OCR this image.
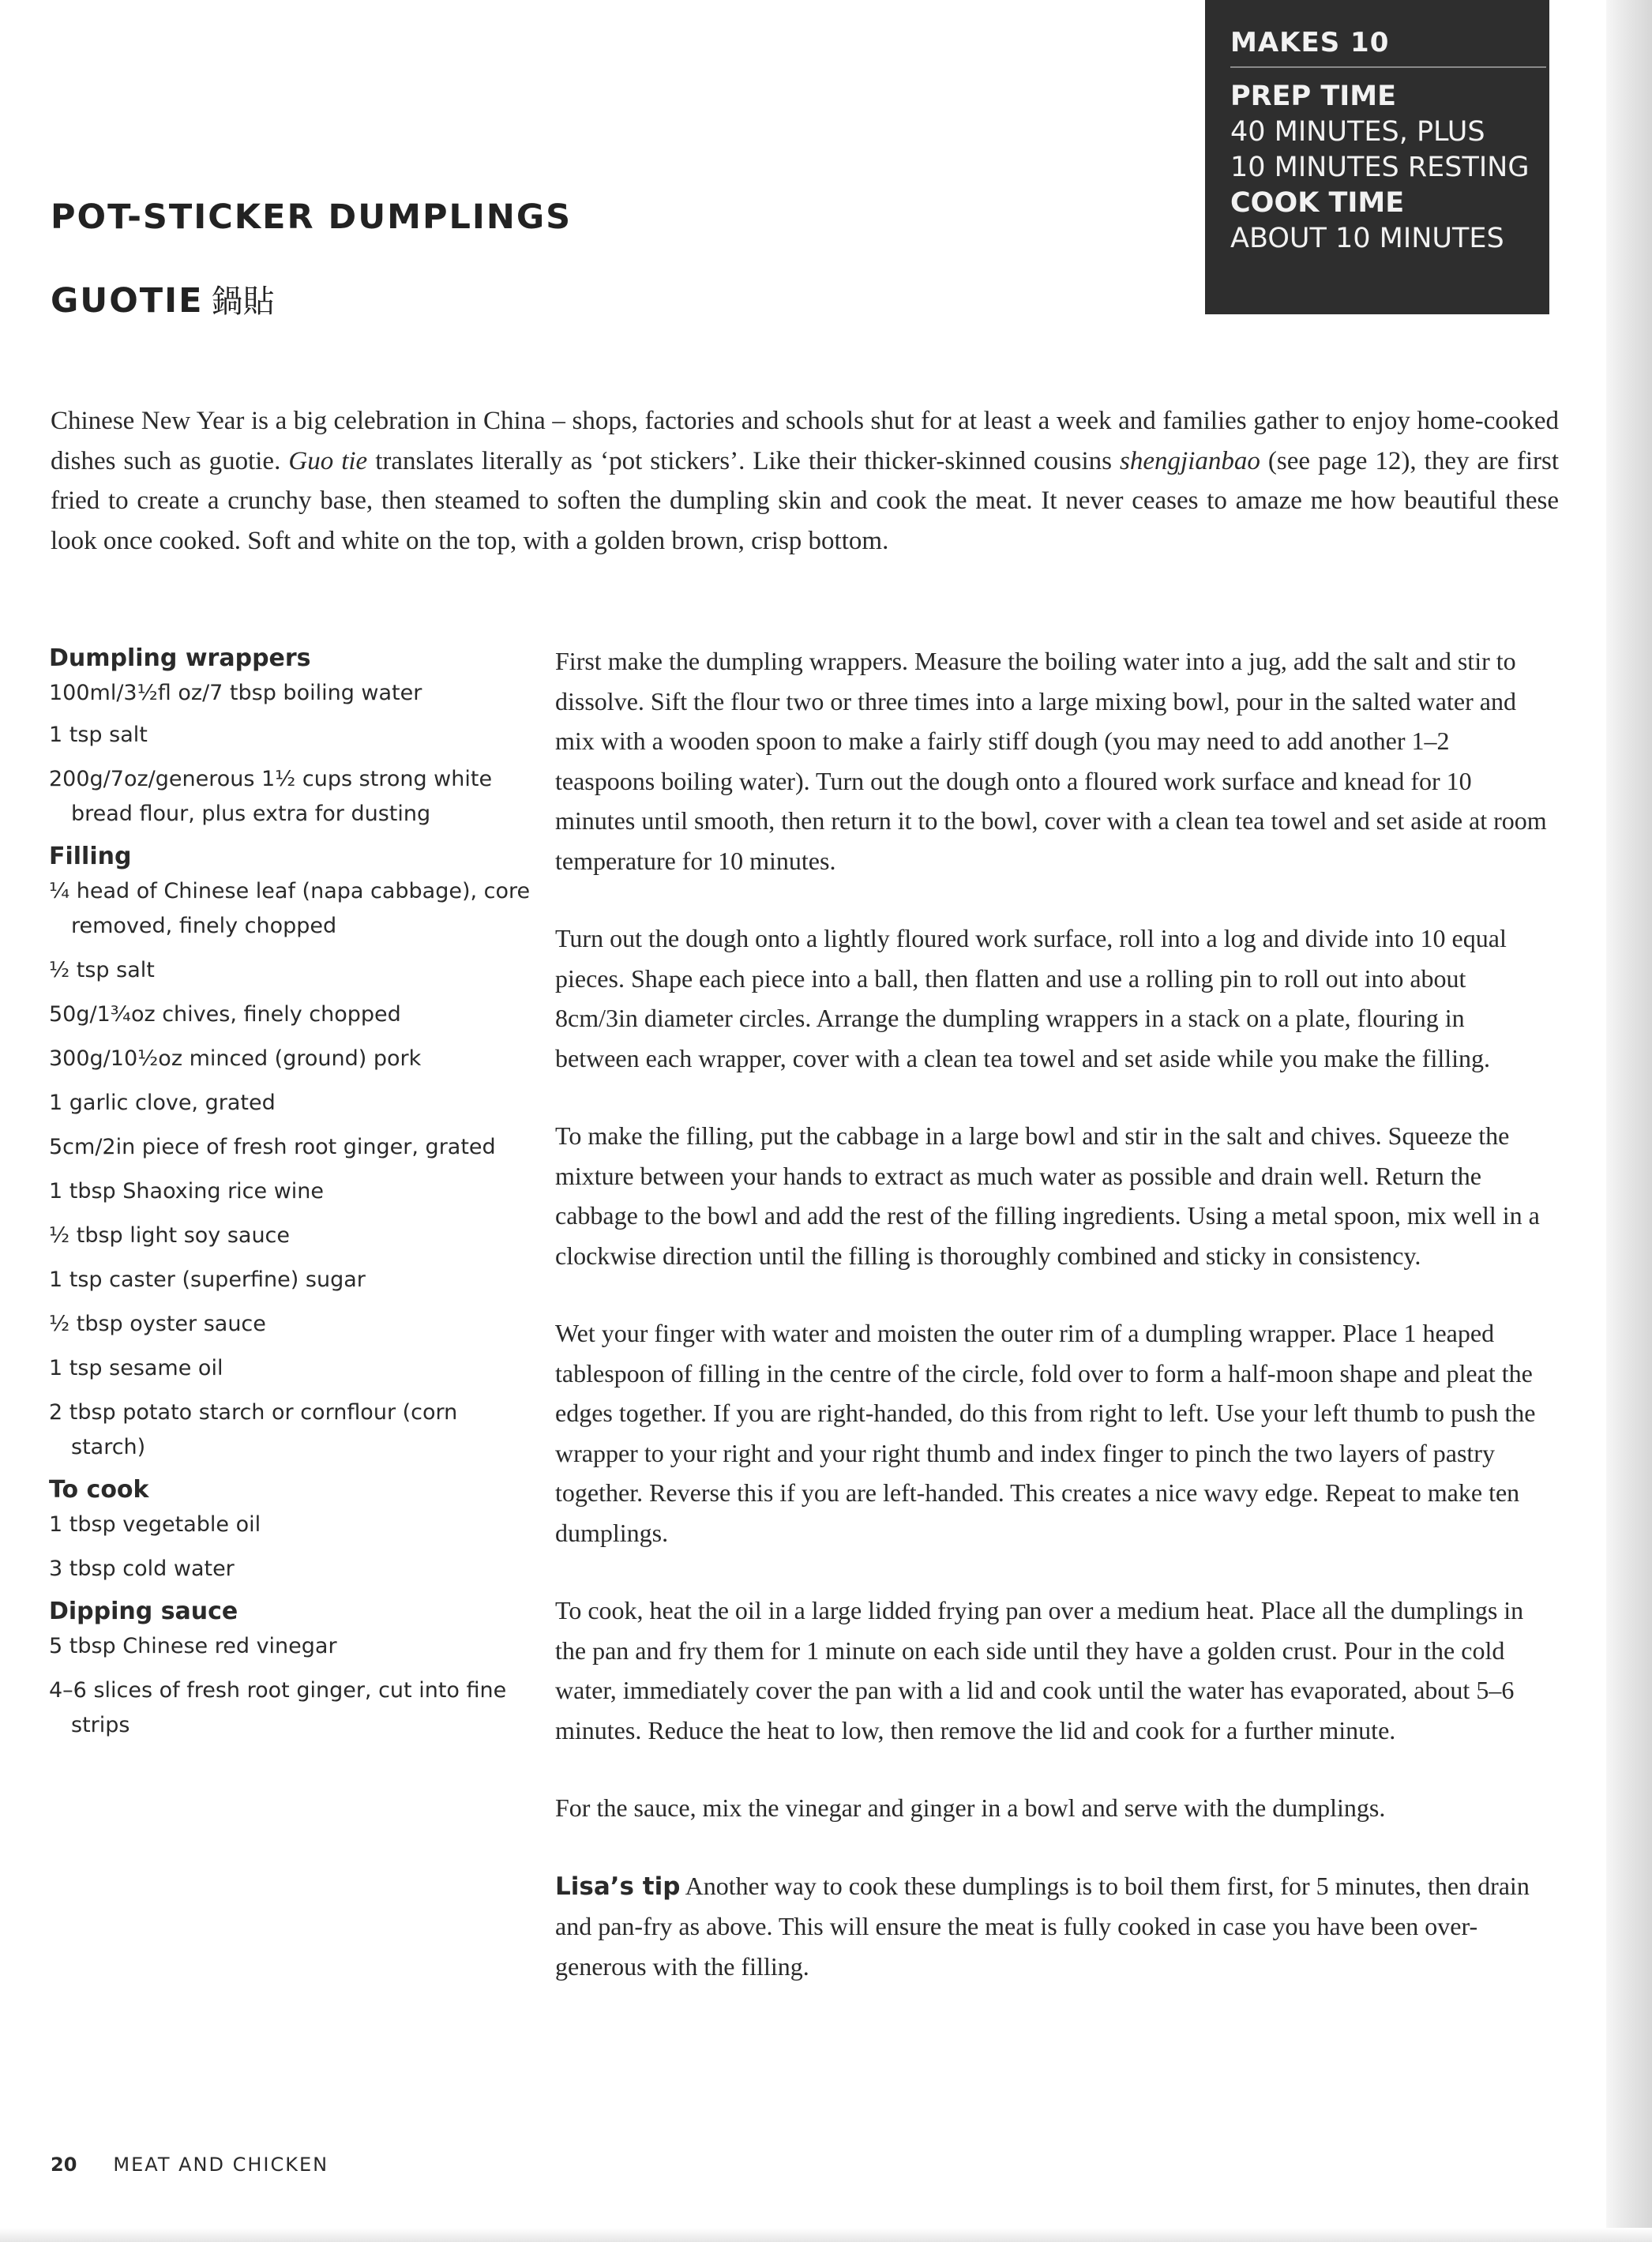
MAKES 10
PREP TIME
40 MINUTES, PLUS
10 MINUTES RESTING
COOK TIME
ABOUT 10 MINUTES
POT-STICKER DUMPLINGS
GUOTIE 鍋貼

Chinese New Year is a big celebration in China – shops, factories and schools shut for at least a week and families gather to enjoy home-cooked dishes such as guotie. Guo tie translates literally as ‘pot stickers’. Like their thicker-skinned cousins shengjianbao (see page 12), they are first fried to create a crunchy base, then steamed to soften the dumpling skin and cook the meat. It never ceases to amaze me how beautiful these look once cooked. Soft and white on the top, with a golden brown, crisp bottom.

Dumpling wrappers
100ml/3½fl oz/7 tbsp boiling water
1 tsp salt
200g/7oz/generous 1½ cups strong white bread flour, plus extra for dusting
Filling
¼ head of Chinese leaf (napa cabbage), core removed, finely chopped
½ tsp salt
50g/1¾oz chives, finely chopped
300g/10½oz minced (ground) pork
1 garlic clove, grated
5cm/2in piece of fresh root ginger, grated
1 tbsp Shaoxing rice wine
½ tbsp light soy sauce
1 tsp caster (superfine) sugar
½ tbsp oyster sauce
1 tsp sesame oil
2 tbsp potato starch or cornflour (corn starch)
To cook
1 tbsp vegetable oil
3 tbsp cold water
Dipping sauce
5 tbsp Chinese red vinegar
4–6 slices of fresh root ginger, cut into fine strips

First make the dumpling wrappers. Measure the boiling water into a jug, add the salt and stir to dissolve. Sift the flour two or three times into a large mixing bowl, pour in the salted water and mix with a wooden spoon to make a fairly stiff dough (you may need to add another 1–2 teaspoons boiling water). Turn out the dough onto a floured work surface and knead for 10 minutes until smooth, then return it to the bowl, cover with a clean tea towel and set aside at room temperature for 10 minutes.

Turn out the dough onto a lightly floured work surface, roll into a log and divide into 10 equal pieces. Shape each piece into a ball, then flatten and use a rolling pin to roll out into about 8cm/3in diameter circles. Arrange the dumpling wrappers in a stack on a plate, flouring in between each wrapper, cover with a clean tea towel and set aside while you make the filling.

To make the filling, put the cabbage in a large bowl and stir in the salt and chives. Squeeze the mixture between your hands to extract as much water as possible and drain well. Return the cabbage to the bowl and add the rest of the filling ingredients. Using a metal spoon, mix well in a clockwise direction until the filling is thoroughly combined and sticky in consistency.

Wet your finger with water and moisten the outer rim of a dumpling wrapper. Place 1 heaped tablespoon of filling in the centre of the circle, fold over to form a half-moon shape and pleat the edges together. If you are right-handed, do this from right to left. Use your left thumb to push the wrapper to your right and your right thumb and index finger to pinch the two layers of pastry together. Reverse this if you are left-handed. This creates a nice wavy edge. Repeat to make ten dumplings.

To cook, heat the oil in a large lidded frying pan over a medium heat. Place all the dumplings in the pan and fry them for 1 minute on each side until they have a golden crust. Pour in the cold water, immediately cover the pan with a lid and cook until the water has evaporated, about 5–6 minutes. Reduce the heat to low, then remove the lid and cook for a further minute.

For the sauce, mix the vinegar and ginger in a bowl and serve with the dumplings.

Lisa’s tip Another way to cook these dumplings is to boil them first, for 5 minutes, then drain and pan-fry as above. This will ensure the meat is fully cooked in case you have been over-generous with the filling.

20 MEAT AND CHICKEN
